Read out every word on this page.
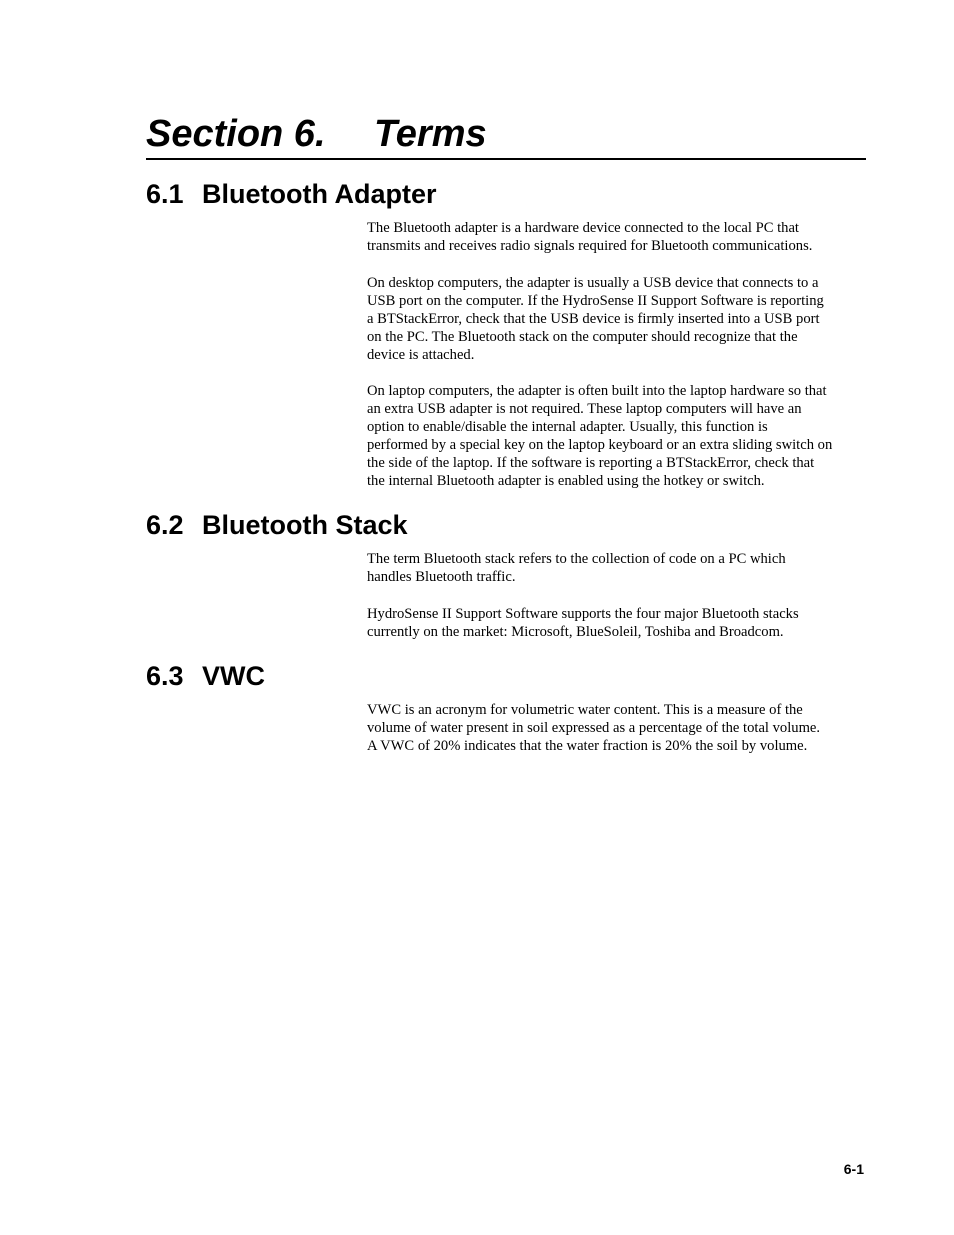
Section 6. Terms
6.1 Bluetooth Adapter

The Bluetooth adapter is a hardware device connected to the local PC that
transmits and receives radio signals required for Bluetooth communications.

On desktop computers, the adapter is usually a USB device that connects to a
USB port on the computer. If the HydroSense II Support Software is reporting
a BTStackError, check that the USB device is firmly inserted into a USB port
on the PC. The Bluetooth stack on the computer should recognize that the
device is attached.

On laptop computers, the adapter is often built into the laptop hardware so that
an extra USB adapter is not required. These laptop computers will have an
option to enable/disable the internal adapter. Usually, this function is
performed by a special key on the laptop keyboard or an extra sliding switch on
the side of the laptop. If the software is reporting a BTStackError, check that
the internal Bluetooth adapter is enabled using the hotkey or switch.

6.2 Bluetooth Stack

The term Bluetooth stack refers to the collection of code on a PC which
handles Bluetooth traffic.

HydroSense II Support Software supports the four major Bluetooth stacks
currently on the market: Microsoft, BlueSoleil, Toshiba and Broadcom.

6.3 VWC

VWC is an acronym for volumetric water content. This is a measure of the
volume of water present in soil expressed as a percentage of the total volume.
A VWC of 20% indicates that the water fraction is 20% the soil by volume.

6-1
